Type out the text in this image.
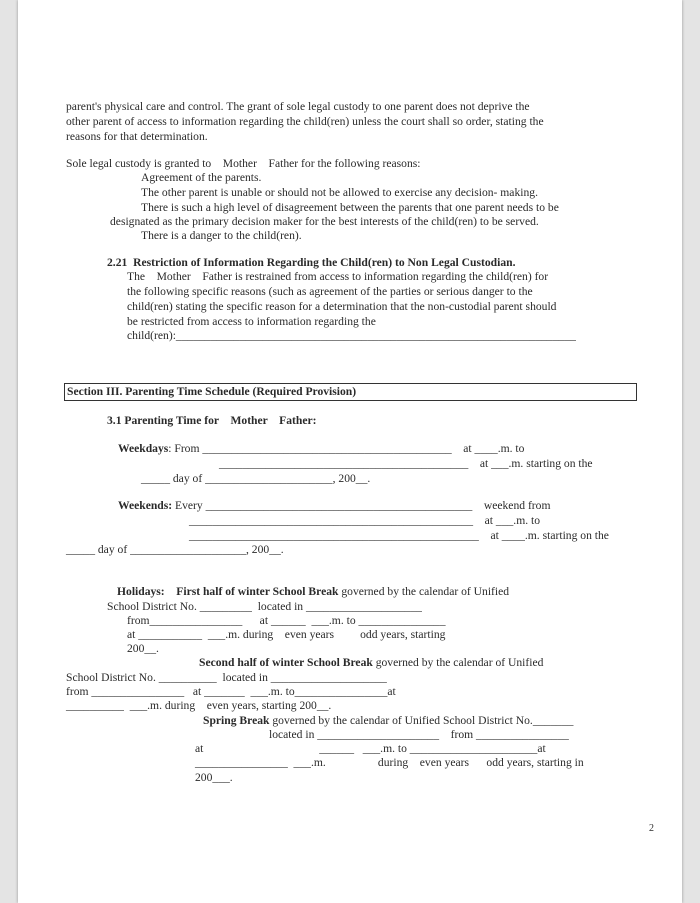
parent's physical care and control. The grant of sole legal custody to one parent does not deprive the
other parent of access to information regarding the child(ren) unless the court shall so order, stating the
reasons for that determination.
Sole legal custody is granted to    Mother    Father for the following reasons:
Agreement of the parents.
The other parent is unable or should not be allowed to exercise any decision- making.
There is such a high level of disagreement between the parents that one parent needs to be
designated as the primary decision maker for the best interests of the child(ren) to be served.
There is a danger to the child(ren).
2.21  Restriction of Information Regarding the Child(ren) to Non Legal Custodian.
The    Mother    Father is restrained from access to information regarding the child(ren) for
the following specific reasons (such as agreement of the parties or serious danger to the
child(ren) stating the specific reason for a determination that the non-custodial parent should
be restricted from access to information regarding the
child(ren):_____________________________________________________________________
Section III. Parenting Time Schedule (Required Provision)
3.1 Parenting Time for    Mother    Father:
Weekdays: From ___________________________________________    at ____.m. to
___________________________________________    at ___.m. starting on the
_____ day of ______________________, 200__.
Weekends: Every ______________________________________________    weekend from
_________________________________________________    at ___.m. to
__________________________________________________    at ____.m. starting on the
_____ day of ____________________, 200__.
Holidays: First half of winter School Break governed by the calendar of Unified
School District No. _________  located in ____________________
from________________      at ______  ___.m. to _______________
at ___________  ___.m. during    even years         odd years, starting
200__.
Second half of winter School Break governed by the calendar of Unified
School District No. __________  located in ____________________
from ________________   at _______  ___.m. to________________at
__________  ___.m. during    even years, starting 200__.
Spring Break governed by the calendar of Unified School District No._______
located in _____________________    from ________________
at                                        ______   ___.m. to ______________________at
________________  ___.m.                  during    even years      odd years, starting in
200___.
2
